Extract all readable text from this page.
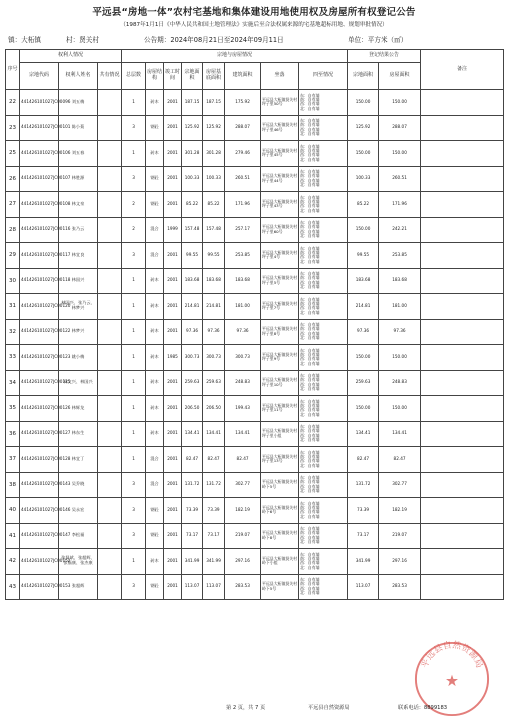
平远县“房地一体”农村宅基地和集体建设用地使用权及房屋所有权登记公告
（1987年1月1日《中华人民共和国土地管理法》实施后至合法权属来源的宅基地超标用地、规划审批情况）
镇：大柘镇	村：贤关村	公告期：2024年08月21日至2024年09月11日	单位：平方米（㎡）
序号	权利人情况			宗地与房屋情况								登记结果公告		备注
	宗地代码	权利人姓名	共有情况	总层数	房屋结构	竣工时间	宗地面积	房屋基底面积	建筑面积	坐落	四至情况	宗地面积	房屋面积	
22	441426101027JC00096	刘五梅		1	砖木	2001	187.15	187.15	175.92	平远县大柘镇贤关村坪子里50号	东：自有墙
南：自有墙
西：自有墙
北：自有墙	150.00	150.00	
23	441426101027JC00101	陈小菊		3	钢砼	2001	125.92	125.92	288.07	平远县大柘镇贤关村坪子里46号	东：自有墙
南：自有墙
西：自有墙
北：自有墙	125.92	288.07	
25	441426101027JC00106	刘五春		1	砖木	2001	301.28	301.28	279.46	平远县大柘镇贤关村坪子里45号	东：自有墙
南：自有墙
西：自有墙
北：自有墙	150.00	150.00	
26	441426101027JC00107	林胜源		3	钢砼	2001	100.33	100.33	260.51	平远县大柘镇贤关村坪子里44号	东：自有墙
南：自有墙
西：自有墙
北：自有墙	100.33	260.51	
27	441426101027JC00108	林文泉		2	钢砼	2001	85.22	85.22	171.96	平远县大柘镇贤关村坪子里43号	东：自有墙
南：自有墙
西：自有墙
北：自有墙	85.22	171.96	
28	441426101027JC00116	张乃云		2	混合	1999	157.48	157.48	257.17	平远县大柘镇贤关村坪子里60号	东：自有墙
南：自有墙
西：自有墙
北：自有墙	150.00	242.21	
29	441426101027JC00117	林宜良		3	混合	2001	99.55	99.55	253.85	平远县大柘镇贤关村坪子里4号	东：自有墙
南：自有墙
西：自有墙
北：自有墙	99.55	253.85	
30	441426101027JC00118	林国兴		1	砖木	2001	183.68	183.68	183.68	平远县大柘镇贤关村坪子里5号	东：自有墙
南：自有墙
西：自有墙
北：自有墙	183.68	183.68	
31	441426101027JC00120	林国兴、张乃云、林梦兴		1	砖木	2001	214.81	214.81	181.00	平远县大柘镇贤关村坪子里7号	东：自有墙
南：自有墙
西：自有墙
北：自有墙	214.81	181.00	
32	441426101027JC00122	林梦兴		1	砖木	2001	97.36	97.36	97.36	平远县大柘镇贤关村坪子里8号	东：自有墙
南：自有墙
西：自有墙
北：自有墙	97.36	97.36	
33	441426101027JC00123	姚小梅		1	砖木	1985	300.73	300.73	300.73	平远县大柘镇贤关村坪子里9号	东：自有墙
南：自有墙
西：自有墙
北：自有墙	150.00	150.00	
34	441426101027JC00125	林文兴、林国兴		1	砖木	2001	259.63	259.63	248.83	平远县大柘镇贤关村坪子里10号	东：自有墙
南：自有墙
西：自有墙
北：自有墙	259.63	248.83	
35	441426101027JC00126	林辉龙		1	砖木	2001	206.50	206.50	199.43	平远县大柘镇贤关村坪子里11号	东：自有墙
南：自有墙
西：自有墙
北：自有墙	150.00	150.00	
36	441426101027JC00127	林东生		1	砖木	2001	134.41	134.41	134.41	平远县大柘镇贤关村坪子里小组	东：自有墙
南：自有墙
西：自有墙
北：自有墙	134.41	134.41	
37	441426101027JC00128	林宜丁		1	混合	2001	82.47	82.47	82.47	平远县大柘镇贤关村坪子里13号	东：自有墙
南：自有墙
西：自有墙
北：自有墙	82.47	82.47	
38	441426101027JC00143	吴乔晓		3	混合	2001	131.72	131.72	302.77	平远县大柘镇贤关村岭下5号	东：自有墙
南：自有墙
西：自有墙
北：自有墙	131.72	302.77	
40	441426101027JC00146	吴永宏		3	钢砼	2001	73.39	73.39	182.19	平远县大柘镇贤关村岭下6号	东：自有墙
南：自有墙
西：自有墙
北：自有墙	73.39	182.19	
41	441426101027JC00147	李松福		3	钢砼	2001	73.17	73.17	219.07	平远县大柘镇贤关村岭下8号	东：自有墙
南：自有墙
西：自有墙
北：自有墙	73.17	219.07	
42	441426101027JC00152	张贤斌、张超辉、张福康、张杰康		1	砖木	2001	341.99	341.99	297.16	平远县大柘镇贤关村岭下小组	东：自有墙
南：自有墙
西：自有墙
北：自有墙	341.99	297.16	
43	441426101027JC00153	张超辉		3	钢砼	2001	113.07	113.07	283.53	平远县大柘镇贤关村岭下5号	东：自有墙
南：自有墙
西：自有墙
北：自有墙	113.07	283.53	
★
平远县自然资源局
第 2 页，共 7 页	平远县自然资源局	联系电话：8899183
